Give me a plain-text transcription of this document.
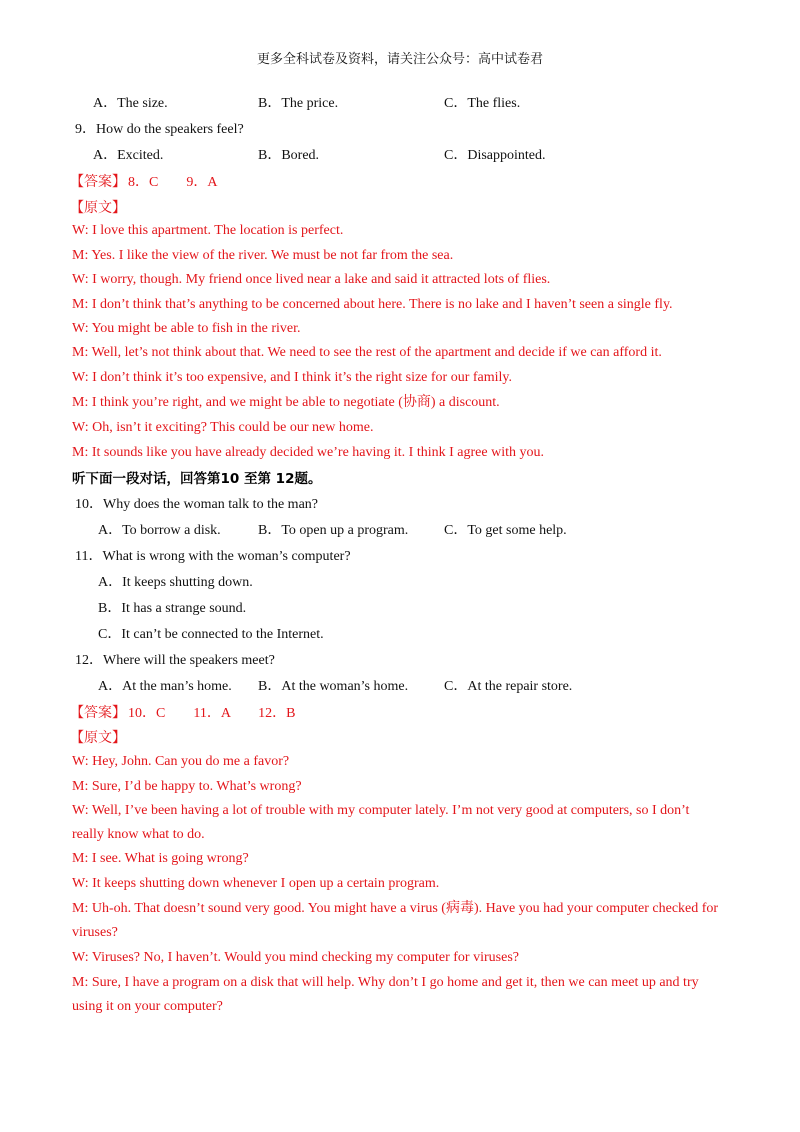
更多全科试卷及资料，请关注公众号：高中试卷君
A．The size.	B．The price.	C．The flies.
9．How do the speakers feel?
A．Excited.	B．Bored.	C．Disappointed.
【答案】 8．C　　9．A
【原文】
W: I love this apartment. The location is perfect.
M: Yes. I like the view of the river. We must be not far from the sea.
W: I worry, though. My friend once lived near a lake and said it attracted lots of flies.
M: I don’t think that’s anything to be concerned about here. There is no lake and I haven’t seen a single fly.
W: You might be able to fish in the river.
M: Well, let’s not think about that. We need to see the rest of the apartment and decide if we can afford it.
W: I don’t think it’s too expensive, and I think it’s the right size for our family.
M: I think you’re right, and we might be able to negotiate (协商) a discount.
W: Oh, isn’t it exciting? This could be our new home.
M: It sounds like you have already decided we’re having it. I think I agree with you.
听下面一段对话，回答第10 至第 12题。
10．Why does the woman talk to the man?
A．To borrow a disk.	B．To open up a program.	C．To get some help.
11．What is wrong with the woman’s computer?
A．It keeps shutting down.
B．It has a strange sound.
C．It can’t be connected to the Internet.
12．Where will the speakers meet?
A．At the man’s home. B．At the woman’s home.	C．At the repair store.
【答案】 10．C　　11．A　　12．B
【原文】
W: Hey, John. Can you do me a favor?
M: Sure, I’d be happy to. What’s wrong?
W: Well, I’ve been having a lot of trouble with my computer lately. I’m not very good at computers, so I don’t
really know what to do.
M: I see. What is going wrong?
W: It keeps shutting down whenever I open up a certain program.
M: Uh-oh. That doesn’t sound very good. You might have a virus (病毒). Have you had your computer checked for
viruses?
W: Viruses? No, I haven’t. Would you mind checking my computer for viruses?
M: Sure, I have a program on a disk that will help. Why don’t I go home and get it, then we can meet up and try
using it on your computer?
